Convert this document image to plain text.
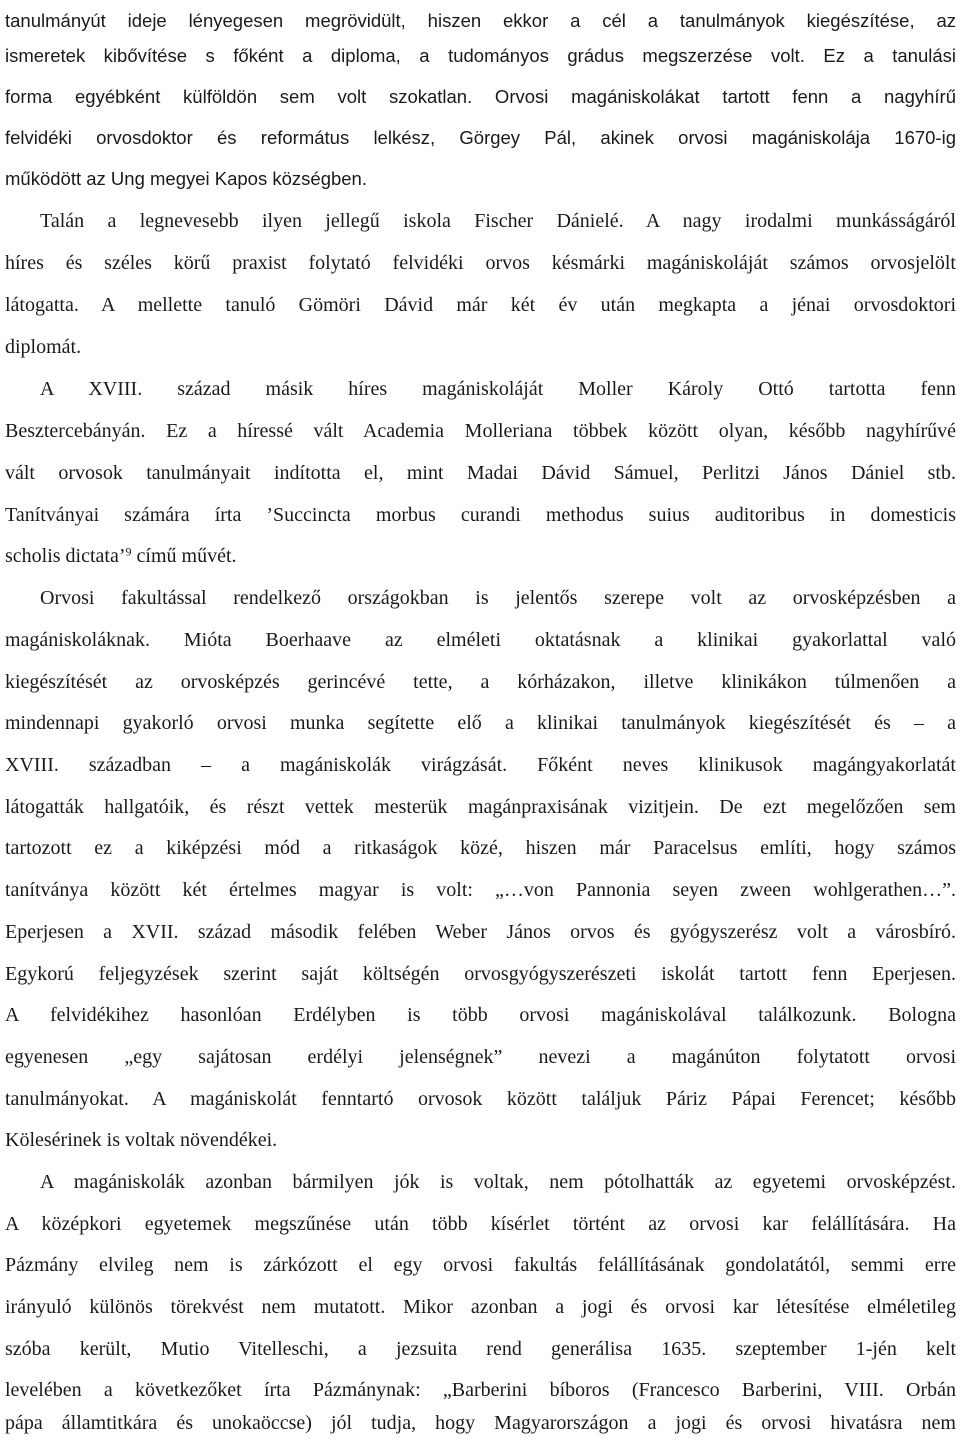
tanulmányút ideje lényegesen megrövidült, hiszen ekkor a cél a tanulmányok kiegészítése, az
ismeretek kibővítése s főként a diploma, a tudományos grádus megszerzése volt. Ez a tanulási
forma egyébként külföldön sem volt szokatlan. Orvosi magániskolákat tartott fenn a nagyhírű
felvidéki orvosdoktor és református lelkész, Görgey Pál, akinek orvosi magániskolája 1670-ig
működött az Ung megyei Kapos községben.
Talán a legnevesebb ilyen jellegű iskola Fischer Dánielé. A nagy irodalmi munkásságáról
híres és széles körű praxist folytató felvidéki orvos késmárki magániskoláját számos orvosjelölt
látogatta. A mellette tanuló Gömöri Dávid már két év után megkapta a jénai orvosdoktori
diplomát.
A XVIII. század másik híres magániskoláját Moller Károly Ottó tartotta fenn
Besztercebányán. Ez a híressé vált Academia Molleriana többek között olyan, később nagyhírűvé
vált orvosok tanulmányait indította el, mint Madai Dávid Sámuel, Perlitzi János Dániel stb.
Tanítványai számára írta ’Succincta morbus curandi methodus suius auditoribus in domesticis
scholis dictata’$^9$ című művét.
Orvosi fakultással rendelkező országokban is jelentős szerepe volt az orvosképzésben a
magániskoláknak. Mióta Boerhaave az elméleti oktatásnak a klinikai gyakorlattal való
kiegészítését az orvosképzés gerincévé tette, a kórházakon, illetve klinikákon túlmenően a
mindennapi gyakorló orvosi munka segítette elő a klinikai tanulmányok kiegészítését és – a
XVIII. században – a magániskolák virágzását. Főként neves klinikusok magángyakorlatát
látogatták hallgatóik, és részt vettek mesterük magánpraxisának vizitjein. De ezt megelőzően sem
tartozott ez a kiképzési mód a ritkaságok közé, hiszen már Paracelsus említi, hogy számos
tanítványa között két értelmes magyar is volt: „…von Pannonia seyen zween wohlgerathen…”.
Eperjesen a XVII. század második felében Weber János orvos és gyógyszerész volt a városbíró.
Egykorú feljegyzések szerint saját költségén orvosgyógyszerészeti iskolát tartott fenn Eperjesen.
A felvidékihez hasonlóan Erdélyben is több orvosi magániskolával találkozunk. Bologna
egyenesen „egy sajátosan erdélyi jelenségnek” nevezi a magánúton folytatott orvosi
tanulmányokat. A magániskolát fenntartó orvosok között találjuk Páriz Pápai Ferencet; később
Kölesérinek is voltak növendékei.
A magániskolák azonban bármilyen jók is voltak, nem pótolhatták az egyetemi orvosképzést.
A középkori egyetemek megszűnése után több kísérlet történt az orvosi kar felállítására. Ha
Pázmány elvileg nem is zárkózott el egy orvosi fakultás felállításának gondolatától, semmi erre
irányuló különös törekvést nem mutatott. Mikor azonban a jogi és orvosi kar létesítése elméletileg
szóba került, Mutio Vitelleschi, a jezsuita rend generálisa 1635. szeptember 1-jén kelt
levelében a következőket írta Pázmánynak: „Barberini bíboros (Francesco Barberini, VIII. Orbán
pápa államtitkára és unokaöccse) jól tudja, hogy Magyarországon a jogi és orvosi hivatásra nem
